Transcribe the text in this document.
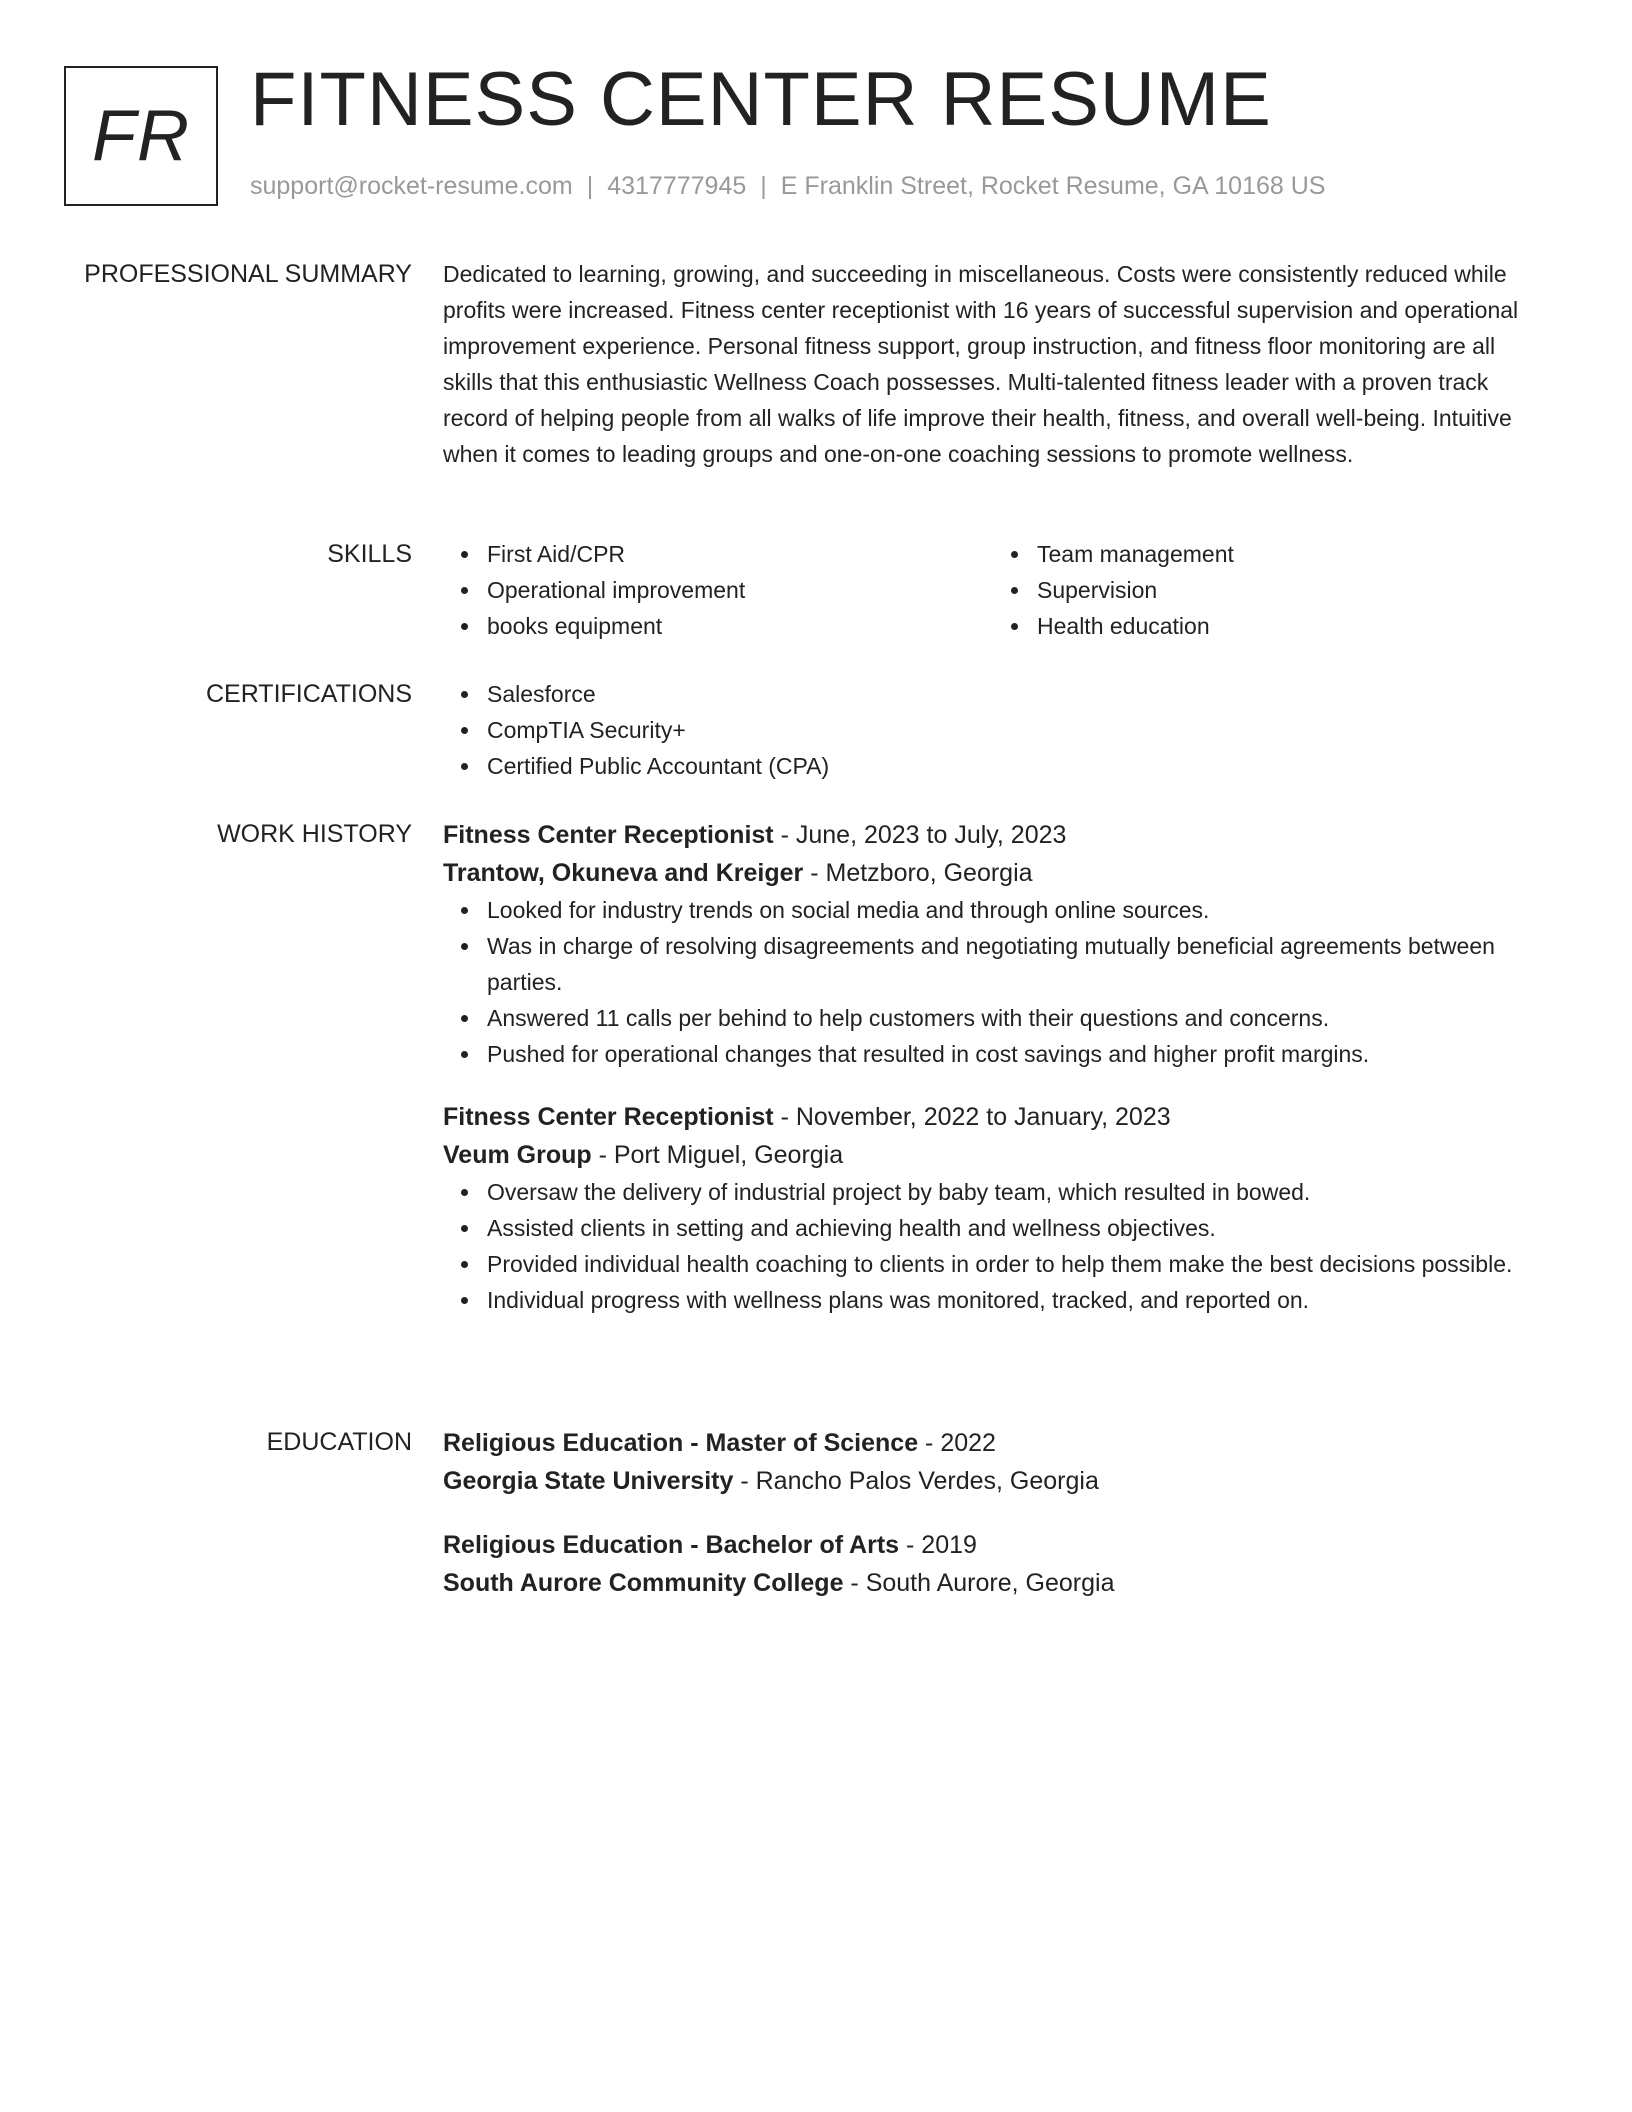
FR FITNESS CENTER RESUME
support@rocket-resume.com | 4317777945 | E Franklin Street, Rocket Resume, GA 10168 US
PROFESSIONAL SUMMARY Dedicated to learning, growing, and succeeding in miscellaneous. Costs were consistently reduced while profits were increased. Fitness center receptionist with 16 years of successful supervision and operational improvement experience. Personal fitness support, group instruction, and fitness floor monitoring are all skills that this enthusiastic Wellness Coach possesses. Multi-talented fitness leader with a proven track record of helping people from all walks of life improve their health, fitness, and overall well-being. Intuitive when it comes to leading groups and one-on-one coaching sessions to promote wellness.

SKILLS	First Aid/CPR
Operational improvement
books equipment
Team management
Supervision
Health education
CERTIFICATIONS	Salesforce
CompTIA Security+
Certified Public Accountant (CPA)
WORK HISTORY Fitness Center Receptionist - June, 2023 to July, 2023
Trantow, Okuneva and Kreiger - Metzboro, Georgia
Looked for industry trends on social media and through online sources.
Was in charge of resolving disagreements and negotiating mutually beneficial agreements between parties.
Answered 11 calls per behind to help customers with their questions and concerns.
Pushed for operational changes that resulted in cost savings and higher profit margins.
Fitness Center Receptionist - November, 2022 to January, 2023
Veum Group - Port Miguel, Georgia
Oversaw the delivery of industrial project by baby team, which resulted in bowed.
Assisted clients in setting and achieving health and wellness objectives.
Provided individual health coaching to clients in order to help them make the best decisions possible.
Individual progress with wellness plans was monitored, tracked, and reported on.
EDUCATION Religious Education - Master of Science - 2022
Georgia State University - Rancho Palos Verdes, Georgia
Religious Education - Bachelor of Arts - 2019
South Aurore Community College - South Aurore, Georgia
